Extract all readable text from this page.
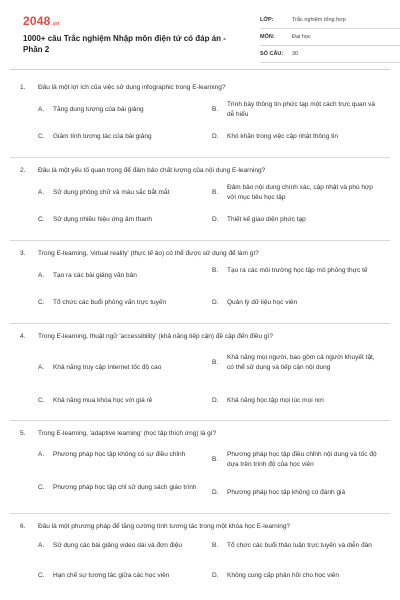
2048.vn
1000+ câu Trắc nghiệm Nhập môn điện tử có đáp án - Phần 2
LỚP:	Trắc nghiệm tổng hợp
MÔN:	Đại học
SỐ CÂU:	30
1. Đâu là một lợi ích của việc sử dụng infographic trong E-learning?
A.	Tăng dung lượng của bài giảng	B.
Trình bày thông tin phức tạp một cách trực quan và dễ hiểu
C.	Giảm tính tương tác của bài giảng	D.	Khó khăn trong việc cập nhật thông tin
2. Đâu là một yếu tố quan trọng để đảm bảo chất lượng của nội dung E-learning?
A.	Sử dụng phông chữ và màu sắc bắt mắt	B.
Đảm bảo nội dung chính xác, cập nhật và phù hợp với mục tiêu học tập
C.	Sử dụng nhiều hiệu ứng âm thanh	D.	Thiết kế giao diện phức tạp
3. Trong E-learning, 'virtual reality' (thực tế ảo) có thể được sử dụng để làm gì?
A.	Tạo ra các bài giảng văn bản
B.	Tạo ra các môi trường học tập mô phỏng thực tế
C.	Tổ chức các buổi phỏng vấn trực tuyến	D.	Quản lý dữ liệu học viên
4. Trong E-learning, thuật ngữ 'accessibility' (khả năng tiếp cận) đề cập đến điều gì?
A.	Khả năng truy cập Internet tốc độ cao
B.
Khả năng mọi người, bao gồm cả người khuyết tật, có thể sử dụng và tiếp cận nội dung
C.	Khả năng mua khóa học với giá rẻ	D.	Khả năng học tập mọi lúc mọi nơi
5. Trong E-learning, 'adaptive learning' (học tập thích ứng) là gì?
A.	Phương pháp học tập không có sự điều chỉnh
B.
Phương pháp học tập điều chỉnh nội dung và tốc độ dựa trên trình độ của học viên
C.	Phương pháp học tập chỉ sử dụng sách giáo trình
D.	Phương pháp học tập không có đánh giá
6. Đâu là một phương pháp để tăng cường tính tương tác trong một khóa học E-learning?
A.	Sử dụng các bài giảng video dài và đơn điệu	B.	Tổ chức các buổi thảo luận trực tuyến và diễn đàn
C.	Hạn chế sự tương tác giữa các học viên	D.	Không cung cấp phản hồi cho học viên
